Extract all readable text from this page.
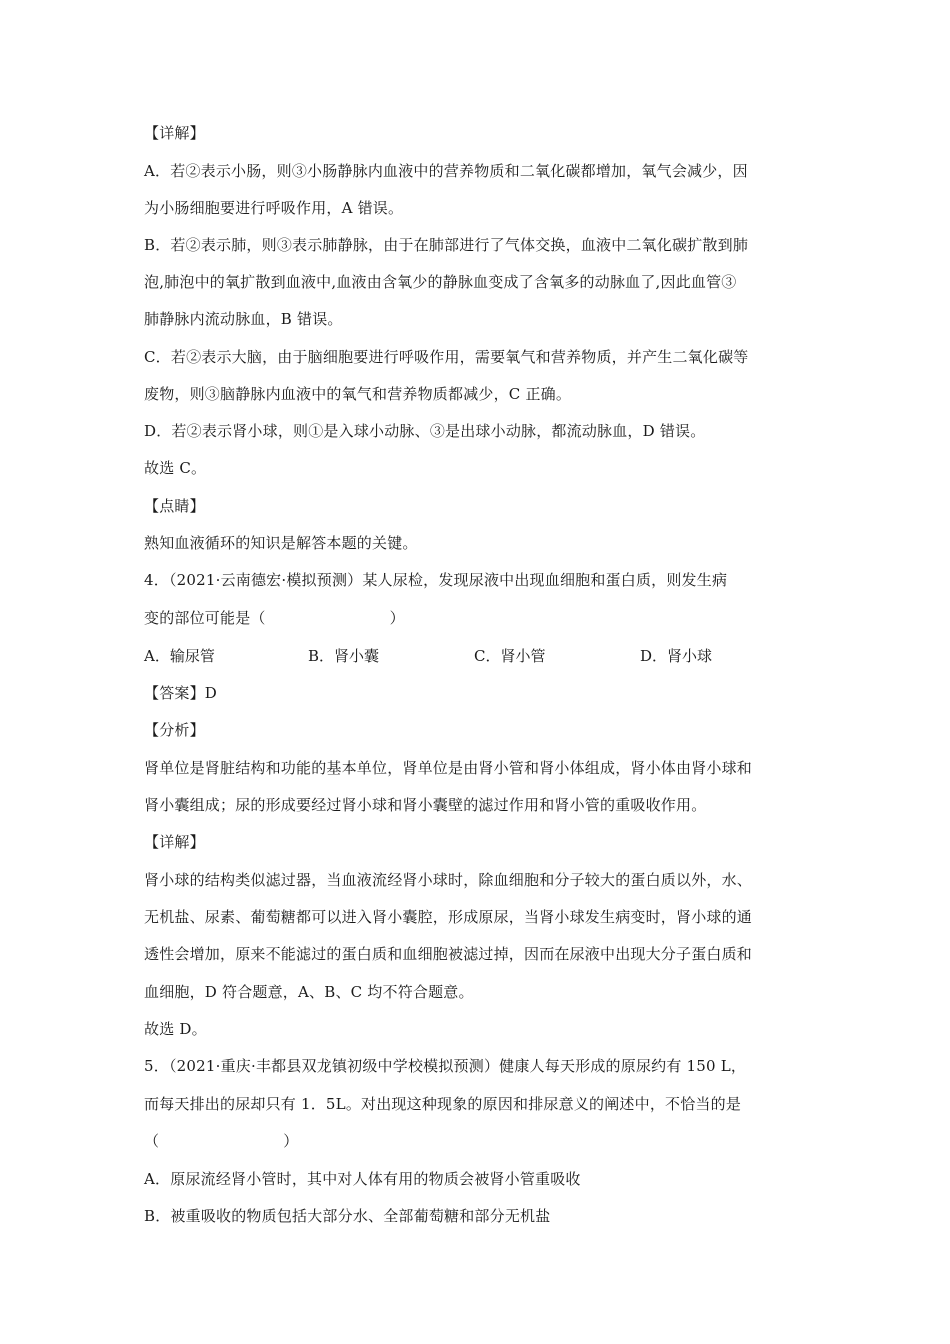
【详解】
A．若②表示小肠，则③小肠静脉内血液中的营养物质和二氧化碳都增加，氧气会减少，因
为小肠细胞要进行呼吸作用，A 错误。
B．若②表示肺，则③表示肺静脉，由于在肺部进行了气体交换，血液中二氧化碳扩散到肺
泡,肺泡中的氧扩散到血液中,血液由含氧少的静脉血变成了含氧多的动脉血了,因此血管③
肺静脉内流动脉血，B 错误。
C．若②表示大脑，由于脑细胞要进行呼吸作用，需要氧气和营养物质，并产生二氧化碳等
废物，则③脑静脉内血液中的氧气和营养物质都减少，C 正确。
D．若②表示肾小球，则①是入球小动脉、③是出球小动脉，都流动脉血，D 错误。
故选 C。
【点睛】
熟知血液循环的知识是解答本题的关键。
4．（2021·云南德宏·模拟预测）某人尿检，发现尿液中出现血细胞和蛋白质，则发生病
变的部位可能是（	）
A．输尿管	B．肾小囊	C．肾小管	D．肾小球
【答案】D
【分析】
肾单位是肾脏结构和功能的基本单位，肾单位是由肾小管和肾小体组成，肾小体由肾小球和
肾小囊组成；尿的形成要经过肾小球和肾小囊壁的滤过作用和肾小管的重吸收作用。
【详解】
肾小球的结构类似滤过器，当血液流经肾小球时，除血细胞和分子较大的蛋白质以外，水、
无机盐、尿素、葡萄糖都可以进入肾小囊腔，形成原尿，当肾小球发生病变时，肾小球的通
透性会增加，原来不能滤过的蛋白质和血细胞被滤过掉，因而在尿液中出现大分子蛋白质和
血细胞，D 符合题意，A、B、C 均不符合题意。
故选 D。
5．（2021·重庆·丰都县双龙镇初级中学校模拟预测）健康人每天形成的原尿约有 150 L，
而每天排出的尿却只有 1．5L。对出现这种现象的原因和排尿意义的阐述中，不恰当的是
（	）
A．原尿流经肾小管时，其中对人体有用的物质会被肾小管重吸收
B．被重吸收的物质包括大部分水、全部葡萄糖和部分无机盐
